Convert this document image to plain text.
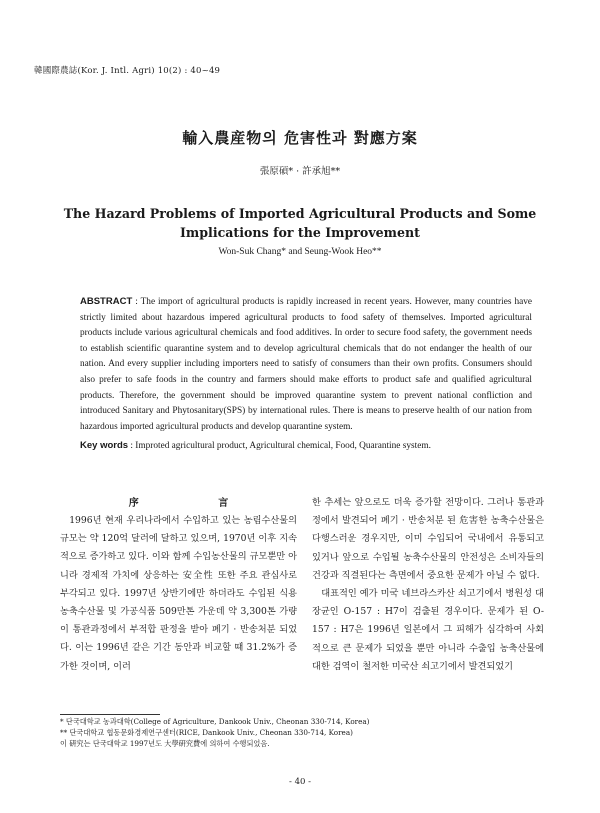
韓國際農誌(Kor. J. Intl. Agri) 10(2) : 40~49
輸入農産物의 危害性과 對應方案
張原碩* · 許承旭**
The Hazard Problems of Imported Agricultural Products and Some Implications for the Improvement
Won-Suk Chang* and Seung-Wook Heo**
ABSTRACT : The import of agricultural products is rapidly increased in recent years. However, many countries have strictly limited about hazardous impered agricultural products to food safety of themselves. Imported agricultural products include various agricultural chemicals and food additives. In order to secure food safety, the government needs to establish scientific quarantine system and to develop agricultural chemicals that do not endanger the health of our nation. And every supplier including importers need to satisfy of consumers than their own profits. Consumers should also prefer to safe foods in the country and farmers should make efforts to product safe and qualified agricultural products. Therefore, the government should be improved quarantine system to prevent national confliction and introduced Sanitary and Phytosanitary(SPS) by international rules. There is means to preserve health of our nation from hazardous imported agricultural products and develop quarantine system.
Key words : Improted agricultural product, Agricultural chemical, Food, Quarantine system.
序 言

1996년 현재 우리나라에서 수입하고 있는 농림수산물의 규모는 약 120억 달러에 달하고 있으며, 1970년 이후 지속적으로 증가하고 있다. 이와 함께 수입농산물의 규모뿐만 아니라 경제적 가치에 상응하는 安全性 또한 주요 관심사로 부각되고 있다. 1997년 상반기에만 하더라도 수입된 식용 농축수산물 및 가공식품 509만톤 가운데 약 3,300톤 가량이 통관과정에서 부적합 판정을 받아 폐기 · 반송처분 되었다. 이는 1996년 같은 기간 동안과 비교할 때 31.2%가 증가한 것이며, 이러

한 추세는 앞으로도 더욱 증가할 전망이다. 그러나 통관과정에서 발견되어 폐기 · 반송처분 된 危害한 농축수산물은 다행스러운 경우지만, 이미 수입되어 국내에서 유통되고 있거나 앞으로 수입될 농축수산물의 안전성은 소비자들의 건강과 직결된다는 측면에서 중요한 문제가 아닐 수 없다.

대표적인 예가 미국 네브라스카산 쇠고기에서 병원성 대장균인 O-157 : H7이 검출된 경우이다. 문제가 된 O-157 : H7은 1996년 일본에서 그 피해가 심각하여 사회적으로 큰 문제가 되었을 뿐만 아니라 수출입 농축산물에 대한 검역이 철저한 미국산 쇠고기에서 발견되었기

* 단국대학교 농과대학(College of Agriculture, Dankook Univ., Cheonan 330-714, Korea)
** 단국대학교 협동문화경제연구센터(RICE, Dankook Univ., Cheonan 330-714, Korea)
이 硏究는 단국대학교 1997년도 大學硏究費에 의하여 수행되었음.
- 40 -
